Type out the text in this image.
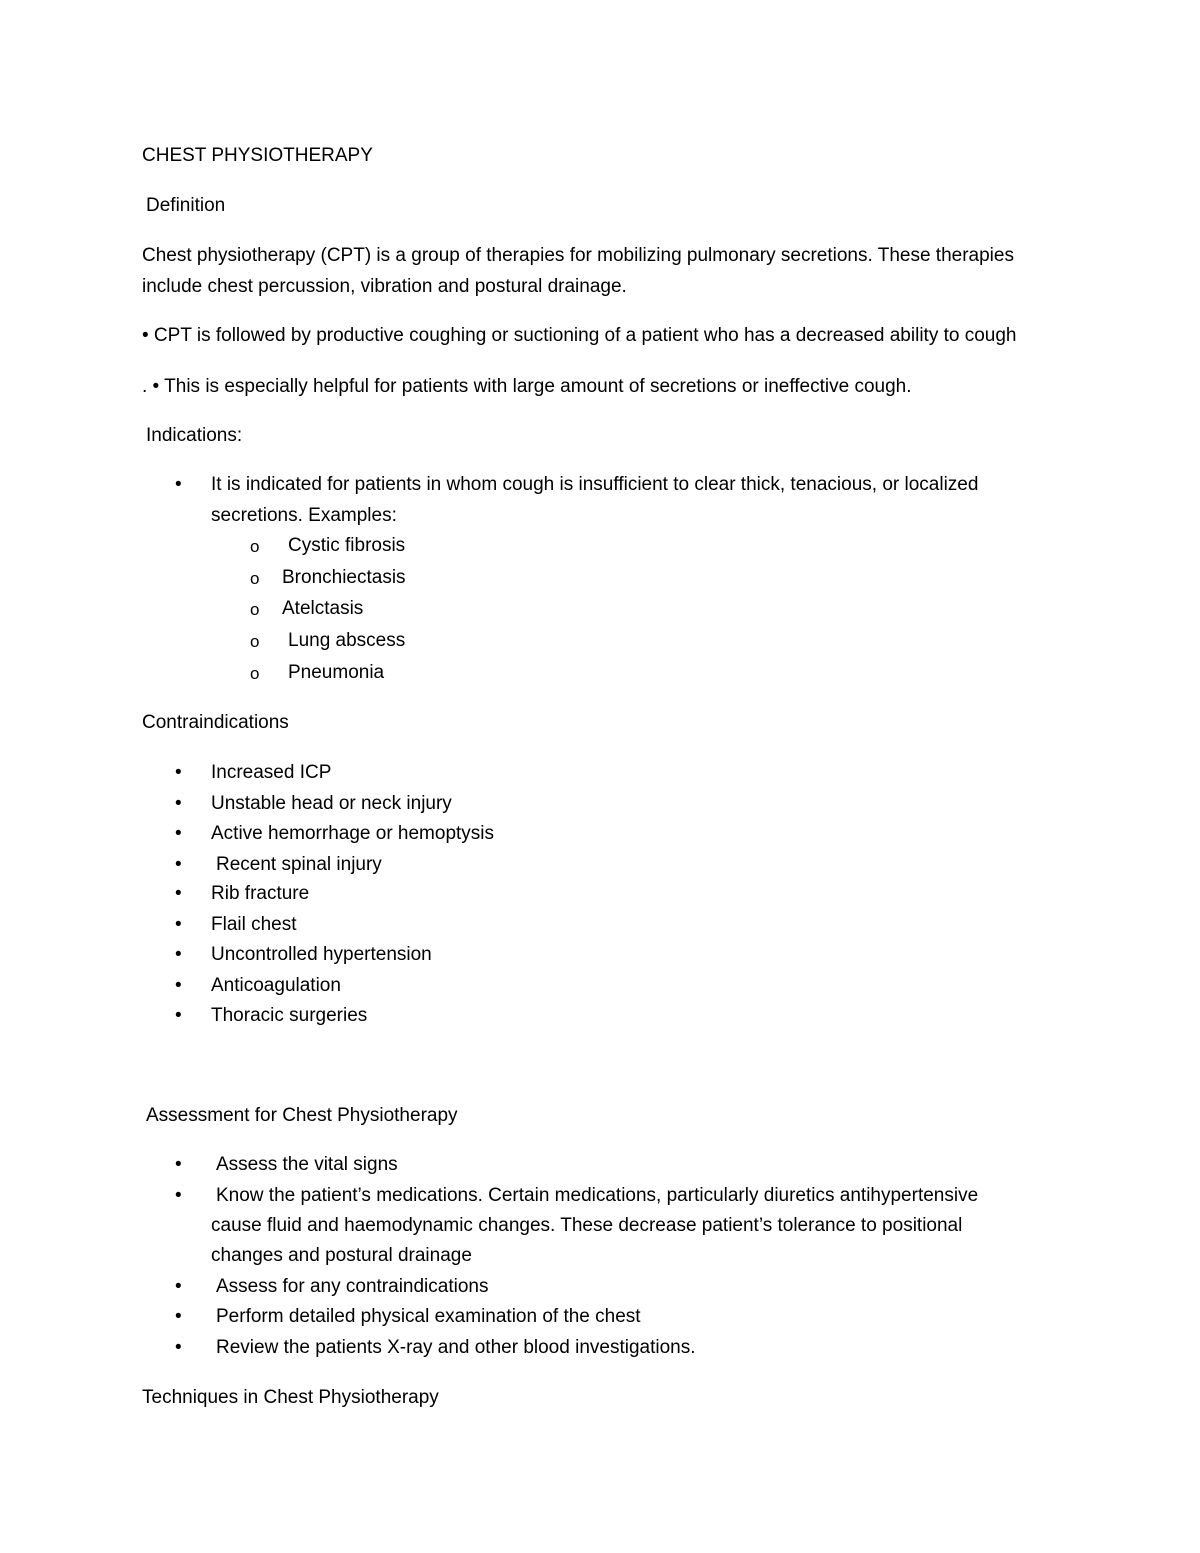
CHEST PHYSIOTHERAPY
Definition
Chest physiotherapy (CPT) is a group of therapies for mobilizing pulmonary secretions. These therapies
include chest percussion, vibration and postural drainage.
• CPT is followed by productive coughing or suctioning of a patient who has a decreased ability to cough
. • This is especially helpful for patients with large amount of secretions or ineffective cough.
Indications:
• It is indicated for patients in whom cough is insufficient to clear thick, tenacious, or localized
secretions. Examples:
o Cystic fibrosis
o Bronchiectasis
o Atelctasis
o Lung abscess
o Pneumonia
Contraindications
• Increased ICP
• Unstable head or neck injury
• Active hemorrhage or hemoptysis
• Recent spinal injury
• Rib fracture
• Flail chest
• Uncontrolled hypertension
• Anticoagulation
• Thoracic surgeries
Assessment for Chest Physiotherapy
• Assess the vital signs
• Know the patient’s medications. Certain medications, particularly diuretics antihypertensive
cause fluid and haemodynamic changes. These decrease patient’s tolerance to positional
changes and postural drainage
• Assess for any contraindications
• Perform detailed physical examination of the chest
• Review the patients X-ray and other blood investigations.
Techniques in Chest Physiotherapy
